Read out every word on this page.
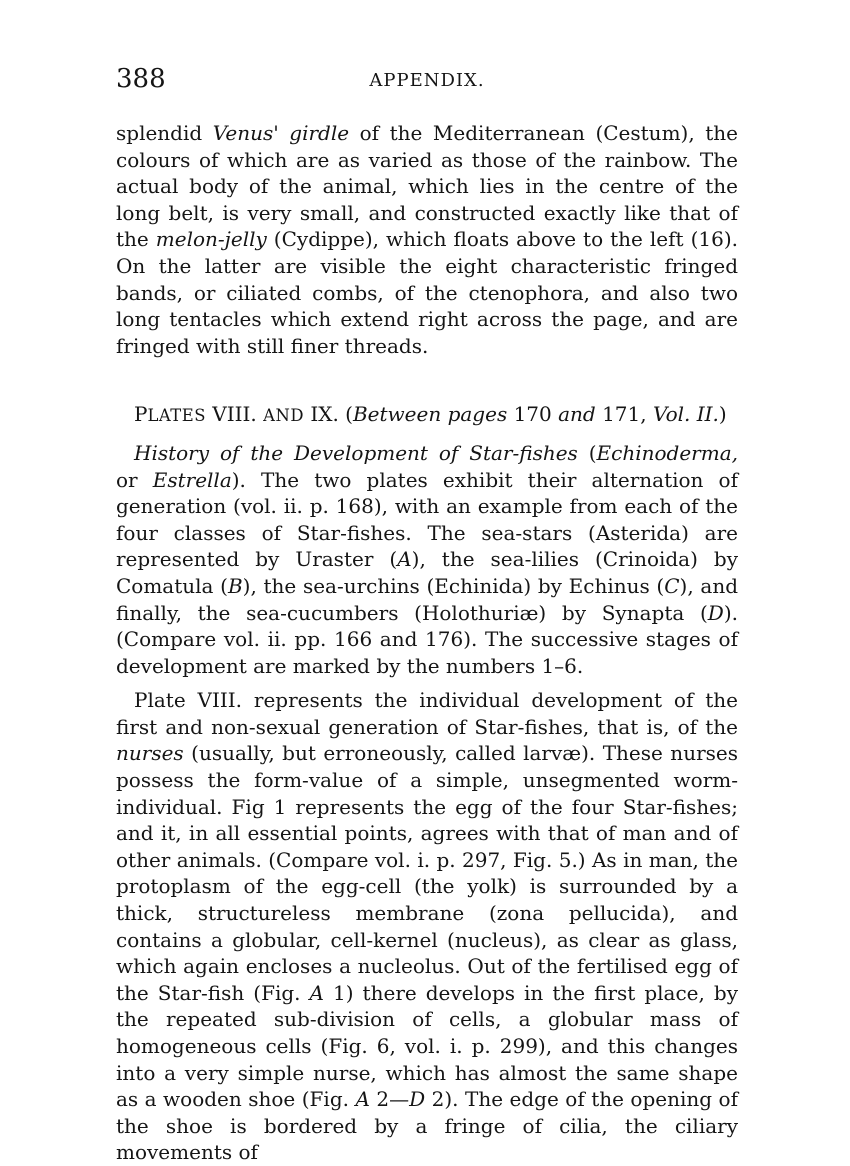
388	APPENDIX.

splendid Venus' girdle of the Mediterranean (Cestum), the colours of which are as varied as those of the rainbow. The actual body of the animal, which lies in the centre of the long belt, is very small, and constructed exactly like that of the melon-jelly (Cydippe), which floats above to the left (16). On the latter are visible the eight characteristic fringed bands, or ciliated combs, of the ctenophora, and also two long tentacles which extend right across the page, and are fringed with still finer threads.

PLATES VIII. AND IX. (Between pages 170 and 171, Vol. II.)

History of the Development of Star-fishes (Echinoderma, or Estrella). The two plates exhibit their alternation of generation (vol. ii. p. 168), with an example from each of the four classes of Star-fishes. The sea-stars (Asterida) are represented by Uraster (A), the sea-lilies (Crinoida) by Comatula (B), the sea-urchins (Echinida) by Echinus (C), and finally, the sea-cucumbers (Holothuriæ) by Synapta (D). (Compare vol. ii. pp. 166 and 176). The successive stages of development are marked by the numbers 1–6.

Plate VIII. represents the individual development of the first and non-sexual generation of Star-fishes, that is, of the nurses (usually, but erroneously, called larvæ). These nurses possess the form-value of a simple, unsegmented worm-individual. Fig 1 represents the egg of the four Star-fishes; and it, in all essential points, agrees with that of man and of other animals. (Compare vol. i. p. 297, Fig. 5.) As in man, the protoplasm of the egg-cell (the yolk) is surrounded by a thick, structureless membrane (zona pellucida), and contains a globular, cell-kernel (nucleus), as clear as glass, which again encloses a nucleolus. Out of the fertilised egg of the Star-fish (Fig. A 1) there develops in the first place, by the repeated sub-division of cells, a globular mass of homogeneous cells (Fig. 6, vol. i. p. 299), and this changes into a very simple nurse, which has almost the same shape as a wooden shoe (Fig. A 2—D 2). The edge of the opening of the shoe is bordered by a fringe of cilia, the ciliary movements of
